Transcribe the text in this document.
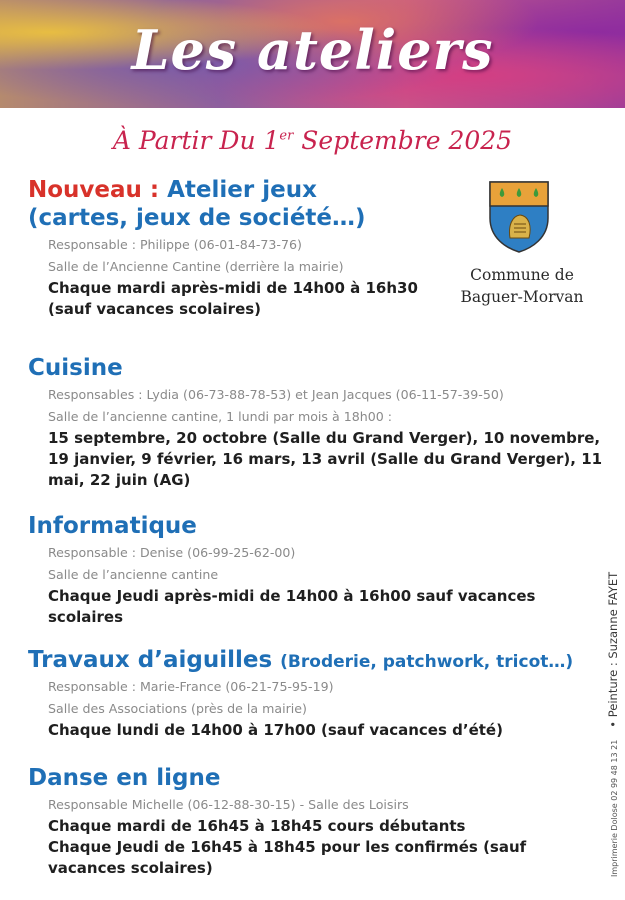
Les ateliers
À Partir Du 1er Septembre 2025
Commune de
Baguer-Morvan
Nouveau : Atelier jeux
(cartes, jeux de société…)
Responsable : Philippe (06-01-84-73-76)
Salle de l’Ancienne Cantine (derrière la mairie)
Chaque mardi après-midi de 14h00 à 16h30
(sauf vacances scolaires)
Cuisine
Responsables : Lydia (06-73-88-78-53) et Jean Jacques (06-11-57-39-50)
Salle de l’ancienne cantine, 1 lundi par mois à 18h00 :
15 septembre, 20 octobre (Salle du Grand Verger), 10 novembre, 19 janvier, 9 février, 16 mars, 13 avril (Salle du Grand Verger), 11 mai, 22 juin (AG)
Informatique
Responsable : Denise (06-99-25-62-00)
Salle de l’ancienne cantine
Chaque Jeudi après-midi de 14h00 à 16h00 sauf vacances scolaires
Travaux d’aiguilles (Broderie, patchwork, tricot…)
Responsable : Marie-France (06-21-75-95-19)
Salle des Associations (près de la mairie)
Chaque lundi de 14h00 à 17h00 (sauf vacances d’été)
Danse en ligne
Responsable Michelle (06-12-88-30-15) - Salle des Loisirs
Chaque mardi de 16h45 à 18h45 cours débutants
Chaque Jeudi de 16h45 à 18h45 pour les confirmés (sauf vacances scolaires)	Imprimerie Dolose 02 99 48 13 21• Peinture : Suzanne FAYET
